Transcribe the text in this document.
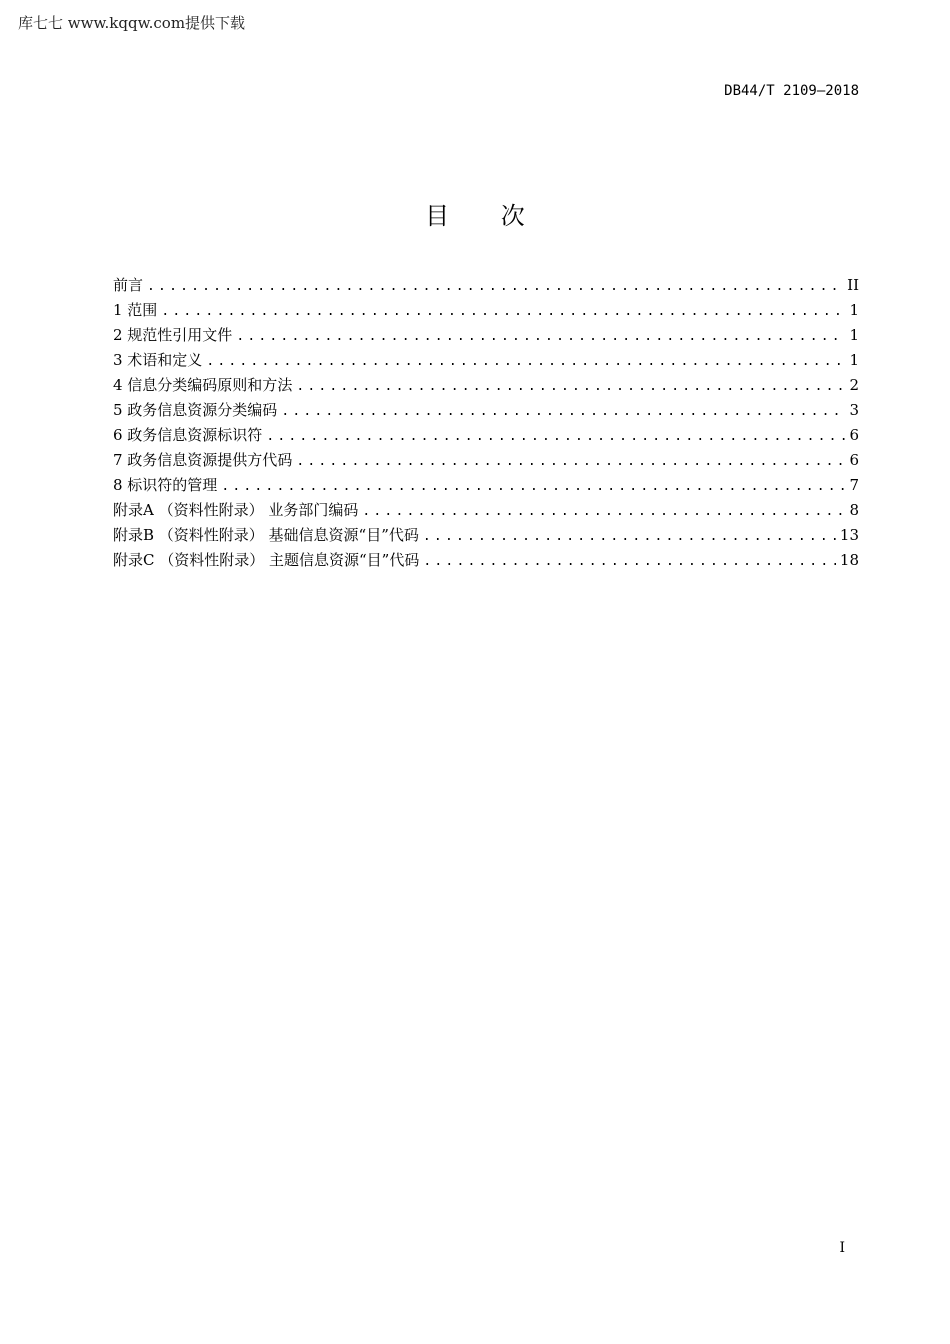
库七七 www.kqqw.com提供下载
DB44/T 2109—2018
目 次
前言 .....	II
1 范围 .....	1
2 规范性引用文件 .....	1
3 术语和定义 .....	1
4 信息分类编码原则和方法 .....	2
5 政务信息资源分类编码 .....	3
6 政务信息资源标识符 .....	6
7 政务信息资源提供方代码 .....	6
8 标识符的管理 .....	7
附录A （资料性附录） 业务部门编码 .....	8
附录B （资料性附录） 基础信息资源“目”代码 .....	13
附录C （资料性附录） 主题信息资源“目”代码 .....	18
I
